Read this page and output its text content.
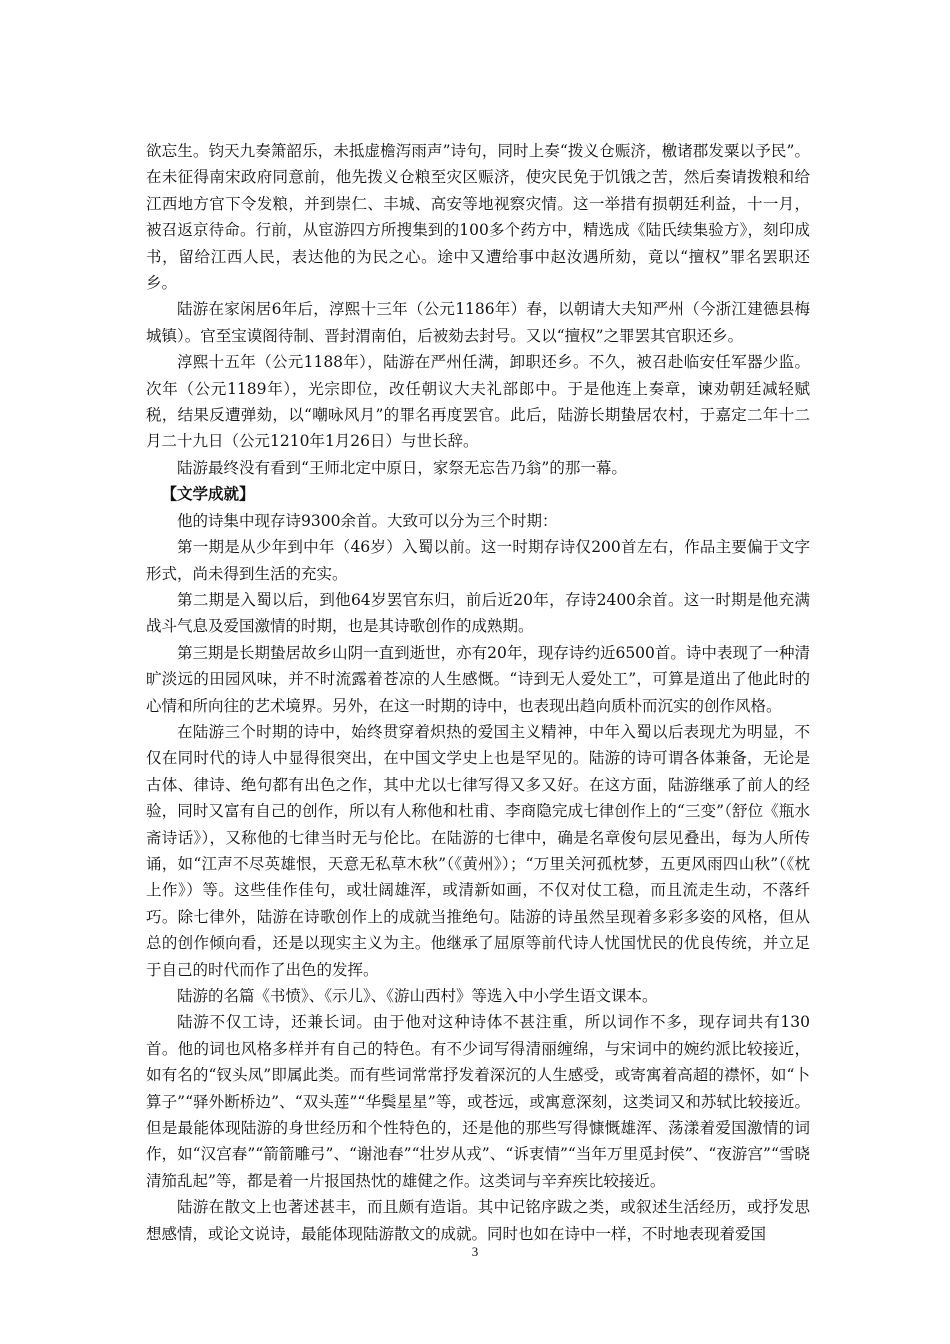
欲忘生。钧天九奏箫韶乐，未抵虚檐泻雨声”诗句，同时上奏“拨义仓赈济，檄诸郡发粟以予民”。在未征得南宋政府同意前，他先拨义仓粮至灾区赈济，使灾民免于饥饿之苦，然后奏请拨粮和给江西地方官下令发粮，并到崇仁、丰城、高安等地视察灾情。这一举措有损朝廷利益，十一月，被召返京待命。行前，从宦游四方所搜集到的100多个药方中，精选成《陆氏续集验方》，刻印成书，留给江西人民，表达他的为民之心。途中又遭给事中赵汝遇所劾，竟以“擅权”罪名罢职还乡。

陆游在家闲居6年后，淳熙十三年（公元1186年）春，以朝请大夫知严州（今浙江建德县梅城镇）。官至宝谟阁待制、晋封渭南伯，后被劾去封号。又以“擅权”之罪罢其官职还乡。

淳熙十五年（公元1188年），陆游在严州任满，卸职还乡。不久，被召赴临安任军器少监。次年（公元1189年），光宗即位，改任朝议大夫礼部郎中。于是他连上奏章，谏劝朝廷减轻赋税，结果反遭弹劾，以“嘲咏风月”的罪名再度罢官。此后，陆游长期蛰居农村，于嘉定二年十二月二十九日（公元1210年1月26日）与世长辞。

陆游最终没有看到“王师北定中原日，家祭无忘告乃翁”的那一幕。

【文学成就】

他的诗集中现存诗9300余首。大致可以分为三个时期：

第一期是从少年到中年（46岁）入蜀以前。这一时期存诗仅200首左右，作品主要偏于文字形式，尚未得到生活的充实。

第二期是入蜀以后，到他64岁罢官东归，前后近20年，存诗2400余首。这一时期是他充满战斗气息及爱国激情的时期，也是其诗歌创作的成熟期。

第三期是长期蛰居故乡山阴一直到逝世，亦有20年，现存诗约近6500首。诗中表现了一种清旷淡远的田园风味，并不时流露着苍凉的人生感慨。“诗到无人爱处工”，可算是道出了他此时的心情和所向往的艺术境界。另外，在这一时期的诗中，也表现出趋向质朴而沉实的创作风格。

在陆游三个时期的诗中，始终贯穿着炽热的爱国主义精神，中年入蜀以后表现尤为明显，不仅在同时代的诗人中显得很突出，在中国文学史上也是罕见的。陆游的诗可谓各体兼备，无论是古体、律诗、绝句都有出色之作，其中尤以七律写得又多又好。在这方面，陆游继承了前人的经验，同时又富有自己的创作，所以有人称他和杜甫、李商隐完成七律创作上的“三变”（舒位《瓶水斋诗话》），又称他的七律当时无与伦比。在陆游的七律中，确是名章俊句层见叠出，每为人所传诵，如“江声不尽英雄恨，天意无私草木秋”（《黄州》）；“万里关河孤枕梦，五更风雨四山秋”（《枕上作》）等。这些佳作佳句，或壮阔雄浑，或清新如画，不仅对仗工稳，而且流走生动，不落纤巧。除七律外，陆游在诗歌创作上的成就当推绝句。陆游的诗虽然呈现着多彩多姿的风格，但从总的创作倾向看，还是以现实主义为主。他继承了屈原等前代诗人忧国忧民的优良传统，并立足于自己的时代而作了出色的发挥。

陆游的名篇《书愤》、《示儿》、《游山西村》等选入中小学生语文课本。

陆游不仅工诗，还兼长词。由于他对这种诗体不甚注重，所以词作不多，现存词共有130首。他的词也风格多样并有自己的特色。有不少词写得清丽缠绵，与宋词中的婉约派比较接近，如有名的“钗头凤”即属此类。而有些词常常抒发着深沉的人生感受，或寄寓着高超的襟怀，如“卜算子”“驿外断桥边”、“双头莲”“华鬓星星”等，或苍远，或寓意深刻，这类词又和苏轼比较接近。但是最能体现陆游的身世经历和个性特色的，还是他的那些写得慷慨雄浑、荡漾着爱国激情的词作，如“汉宫春”“箭箭雕弓”、“谢池春”“壮岁从戎”、“诉衷情”“当年万里觅封侯”、“夜游宫”“雪晓清笳乱起”等，都是着一片报国热忱的雄健之作。这类词与辛弃疾比较接近。

陆游在散文上也著述甚丰，而且颇有造诣。其中记铭序跋之类，或叙述生活经历，或抒发思想感情，或论文说诗，最能体现陆游散文的成就。同时也如在诗中一样，不时地表现着爱国

3
